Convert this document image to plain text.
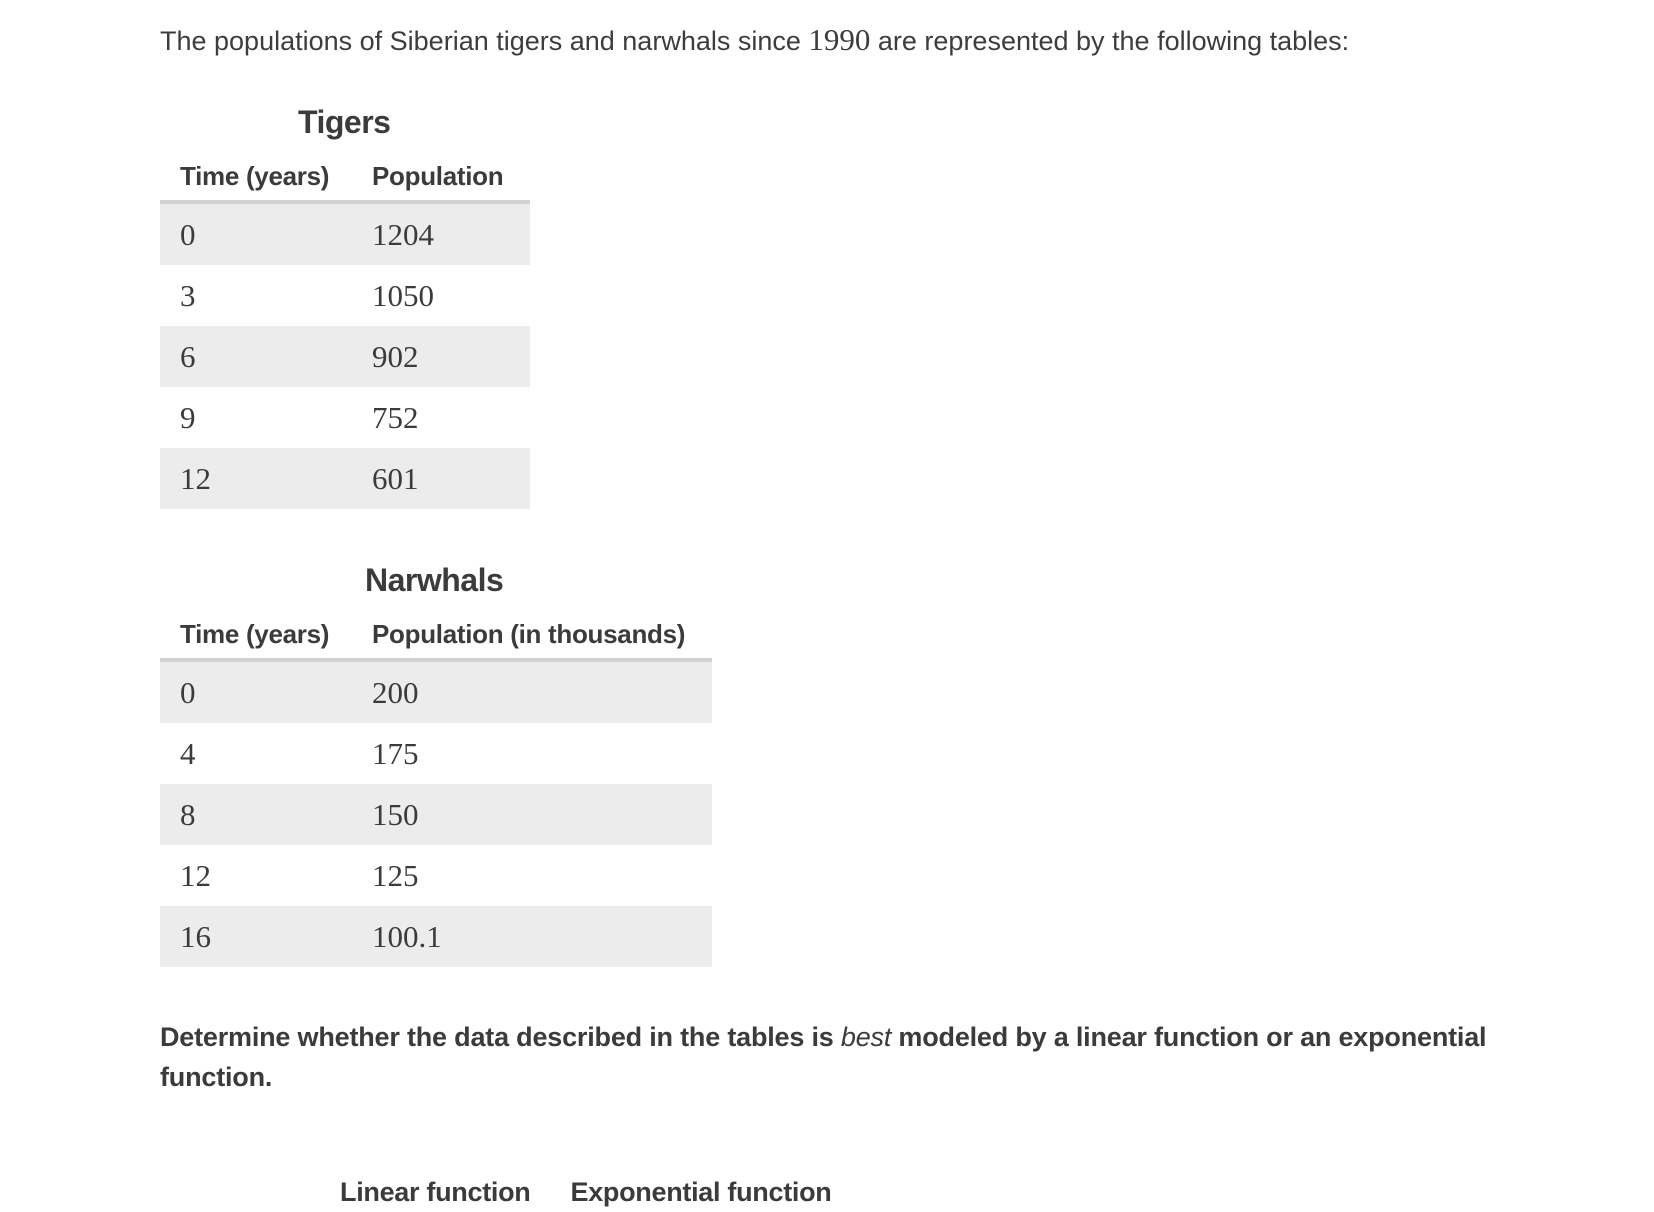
The populations of Siberian tigers and narwhals since 1990 are represented by the following tables:
Tigers
Time (years) Population
0	1204
3	1050
6	902
9	752
12	601
Narwhals
Time (years) Population (in thousands)
0	200
4	175
8	150
12	125
16	100.1
Determine whether the data described in the tables is best modeled by a linear function or an exponential function.
Linear function Exponential function
